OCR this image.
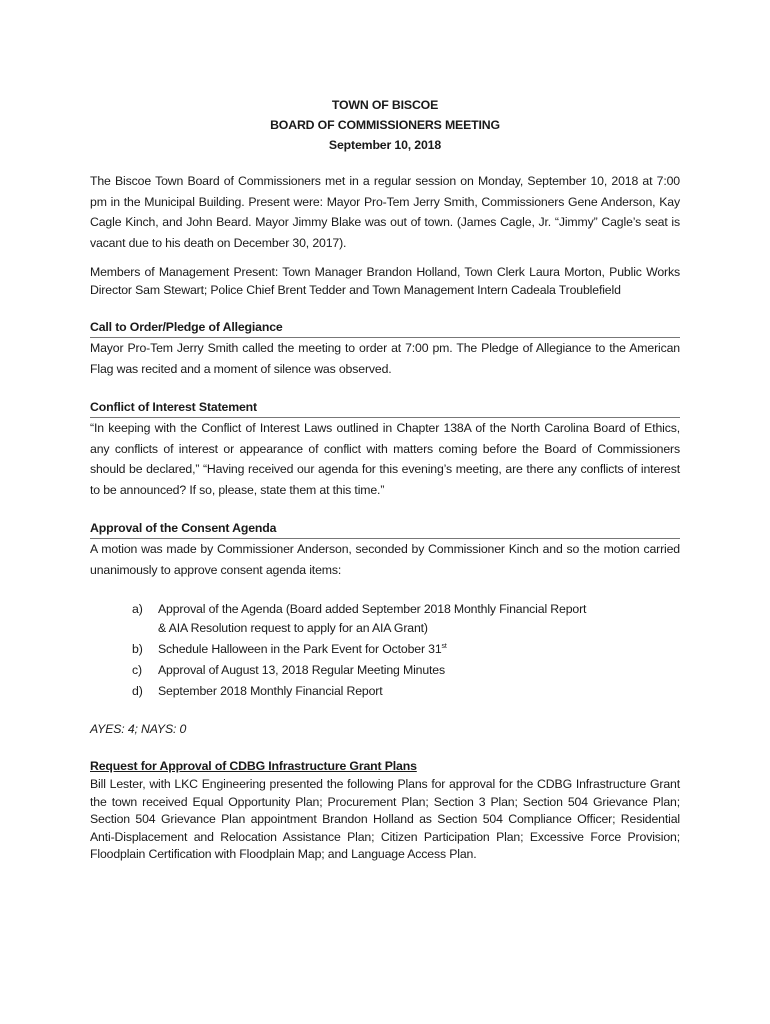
TOWN OF BISCOE
BOARD OF COMMISSIONERS MEETING
September 10, 2018

The Biscoe Town Board of Commissioners met in a regular session on Monday, September 10, 2018 at 7:00 pm in the Municipal Building. Present were: Mayor Pro-Tem Jerry Smith, Commissioners Gene Anderson, Kay Cagle Kinch, and John Beard. Mayor Jimmy Blake was out of town. (James Cagle, Jr. “Jimmy” Cagle’s seat is vacant due to his death on December 30, 2017).

Members of Management Present: Town Manager Brandon Holland, Town Clerk Laura Morton, Public Works Director Sam Stewart; Police Chief Brent Tedder and Town Management Intern Cadeala Troublefield

Call to Order/Pledge of Allegiance

Mayor Pro-Tem Jerry Smith called the meeting to order at 7:00 pm. The Pledge of Allegiance to the American Flag was recited and a moment of silence was observed.

Conflict of Interest Statement

“In keeping with the Conflict of Interest Laws outlined in Chapter 138A of the North Carolina Board of Ethics, any conflicts of interest or appearance of conflict with matters coming before the Board of Commissioners should be declared,” “Having received our agenda for this evening’s meeting, are there any conflicts of interest to be announced? If so, please, state them at this time.”

Approval of the Consent Agenda

A motion was made by Commissioner Anderson, seconded by Commissioner Kinch and so the motion carried unanimously to approve consent agenda items:

a) Approval of the Agenda (Board added September 2018 Monthly Financial Report
& AIA Resolution request to apply for an AIA Grant)
b) Schedule Halloween in the Park Event for October 31st
c) Approval of August 13, 2018 Regular Meeting Minutes
d) September 2018 Monthly Financial Report
AYES: 4; NAYS: 0
Request for Approval of CDBG Infrastructure Grant Plans

Bill Lester, with LKC Engineering presented the following Plans for approval for the CDBG Infrastructure Grant the town received Equal Opportunity Plan; Procurement Plan; Section 3 Plan; Section 504 Grievance Plan; Section 504 Grievance Plan appointment Brandon Holland as Section 504 Compliance Officer; Residential Anti-Displacement and Relocation Assistance Plan; Citizen Participation Plan; Excessive Force Provision; Floodplain Certification with Floodplain Map; and Language Access Plan.
